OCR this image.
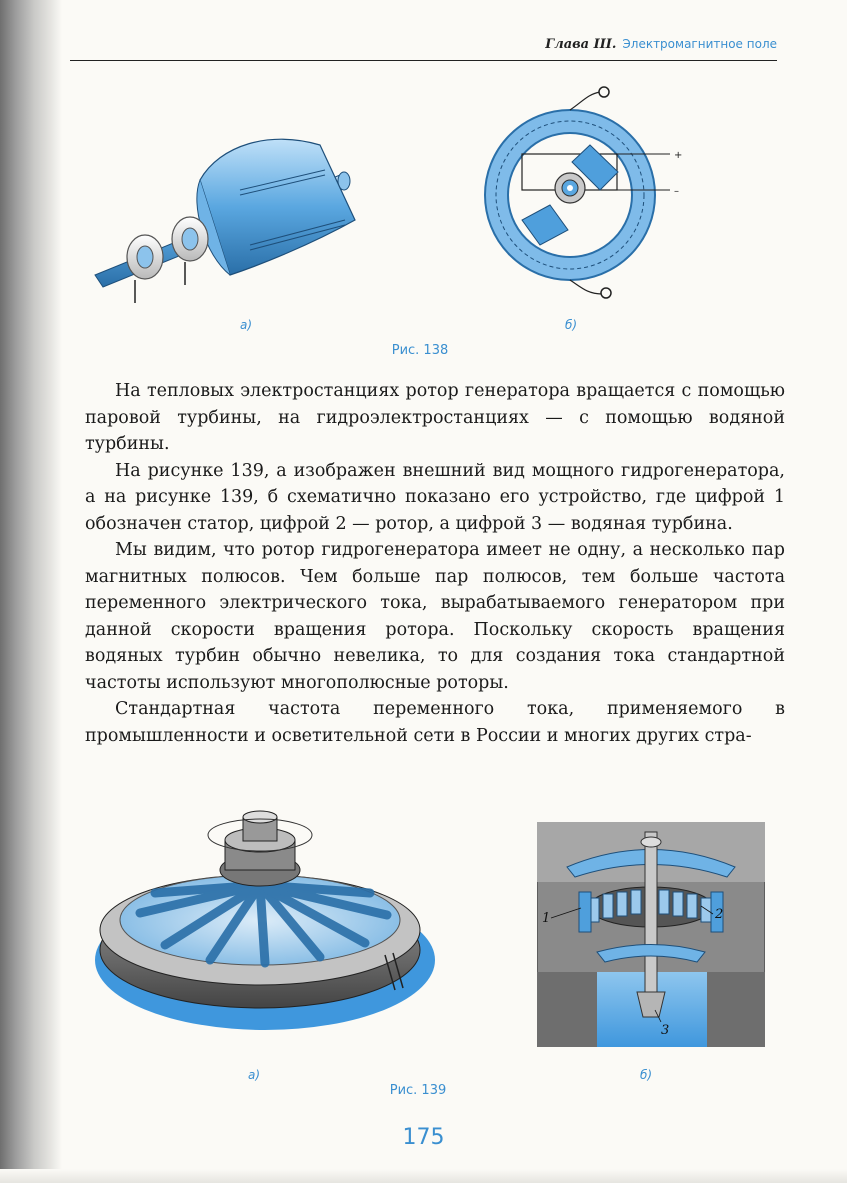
Глава III. Электромагнитное поле
а)
+
–
б)
Рис. 138

На тепловых электростанциях ротор генератора вращается с помощью паровой турбины, на гидроэлектростанциях — с помощью водяной турбины.

На рисунке 139, а изображен внешний вид мощного гидрогенератора, а на рисунке 139, б схематично показано его устройство, где цифрой 1 обозначен статор, цифрой 2 — ротор, а цифрой 3 — водяная турбина.

Мы видим, что ротор гидрогенератора имеет не одну, а несколько пар магнитных полюсов. Чем больше пар полюсов, тем больше частота переменного электрического тока, вырабатываемого генератором при данной скорости вращения ротора. Поскольку скорость вращения водяных турбин обычно невелика, то для создания тока стандартной частоты используют многополюсные роторы.

Стандартная частота переменного тока, применяемого в промышленности и осветительной сети в России и многих других стра-

а)
1	2
3
б)
Рис. 139
175
